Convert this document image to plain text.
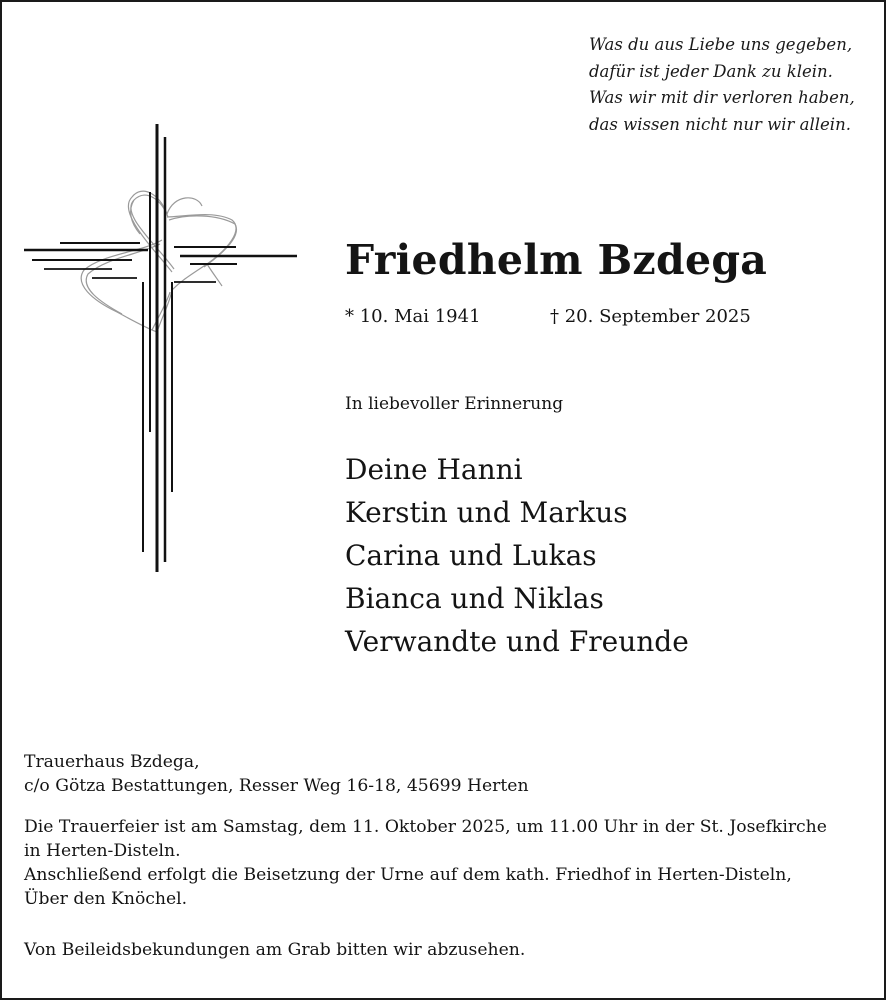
Was du aus Liebe uns gegeben,
dafür ist jeder Dank zu klein.
Was wir mit dir verloren haben,
das wissen nicht nur wir allein.
Friedhelm Bzdega
* 10. Mai 1941	† 20. September 2025
In liebevoller Erinnerung
Deine Hanni
Kerstin und Markus
Carina und Lukas
Bianca und Niklas
Verwandte und Freunde
Trauerhaus Bzdega,
c/o Götza Bestattungen, Resser Weg 16-18, 45699 Herten
Die Trauerfeier ist am Samstag, dem 11. Oktober 2025, um 11.00 Uhr in der St. Josefkirche
in Herten-Disteln.
Anschließend erfolgt die Beisetzung der Urne auf dem kath. Friedhof in Herten-Disteln,
Über den Knöchel.
Von Beileidsbekundungen am Grab bitten wir abzusehen.
